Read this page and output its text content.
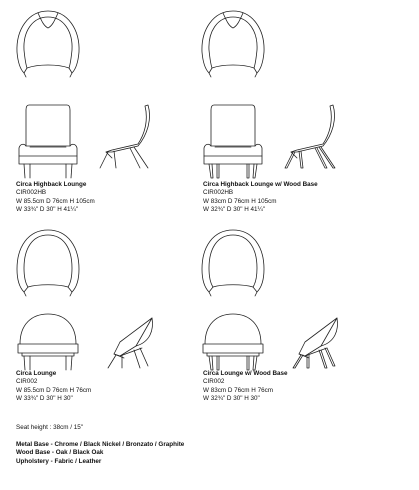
Circa Highback Lounge
CIR002HB
W 85.5cm D 76cm H 105cm
W 33¾" D 30" H 41¼"
Circa Highback Lounge w/ Wood Base
CIR002HB
W 83cm D 76cm H 105cm
W 32¾" D 30" H 41¼"
Circa Lounge
CIR002
W 85.5cm D 76cm H 76cm
W 33¾" D 30" H 30"
Circa Lounge w/ Wood Base
CIR002
W 83cm D 76cm H 76cm
W 32¾" D 30" H 30"
Seat height : 38cm / 15"
Metal Base - Chrome / Black Nickel / Bronzato / Graphite
Wood Base - Oak / Black Oak
Upholstery - Fabric / Leather
